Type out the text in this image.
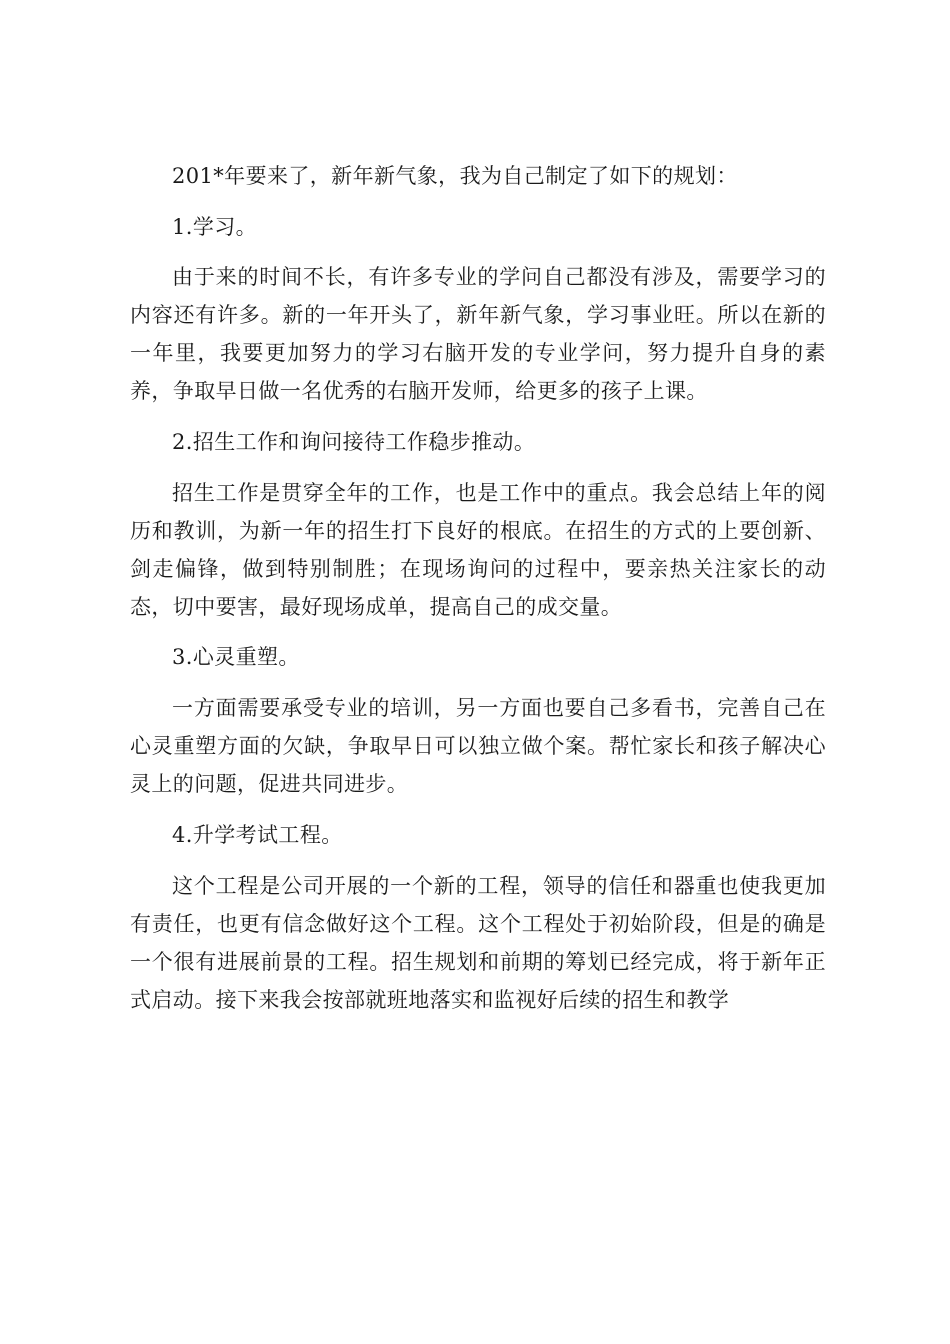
201*年要来了，新年新气象，我为自己制定了如下的规划：

1.学习。

由于来的时间不长，有许多专业的学问自己都没有涉及，需要学习的内容还有许多。新的一年开头了，新年新气象，学习事业旺。所以在新的一年里，我要更加努力的学习右脑开发的专业学问，努力提升自身的素养，争取早日做一名优秀的右脑开发师，给更多的孩子上课。

2.招生工作和询问接待工作稳步推动。

招生工作是贯穿全年的工作，也是工作中的重点。我会总结上年的阅历和教训，为新一年的招生打下良好的根底。在招生的方式的上要创新、剑走偏锋，做到特别制胜；在现场询问的过程中，要亲热关注家长的动态，切中要害，最好现场成单，提高自己的成交量。

3.心灵重塑。

一方面需要承受专业的培训，另一方面也要自己多看书，完善自己在心灵重塑方面的欠缺，争取早日可以独立做个案。帮忙家长和孩子解决心灵上的问题，促进共同进步。

4.升学考试工程。

这个工程是公司开展的一个新的工程，领导的信任和器重也使我更加有责任，也更有信念做好这个工程。这个工程处于初始阶段，但是的确是一个很有进展前景的工程。招生规划和前期的筹划已经完成，将于新年正式启动。接下来我会按部就班地落实和监视好后续的招生和教学
